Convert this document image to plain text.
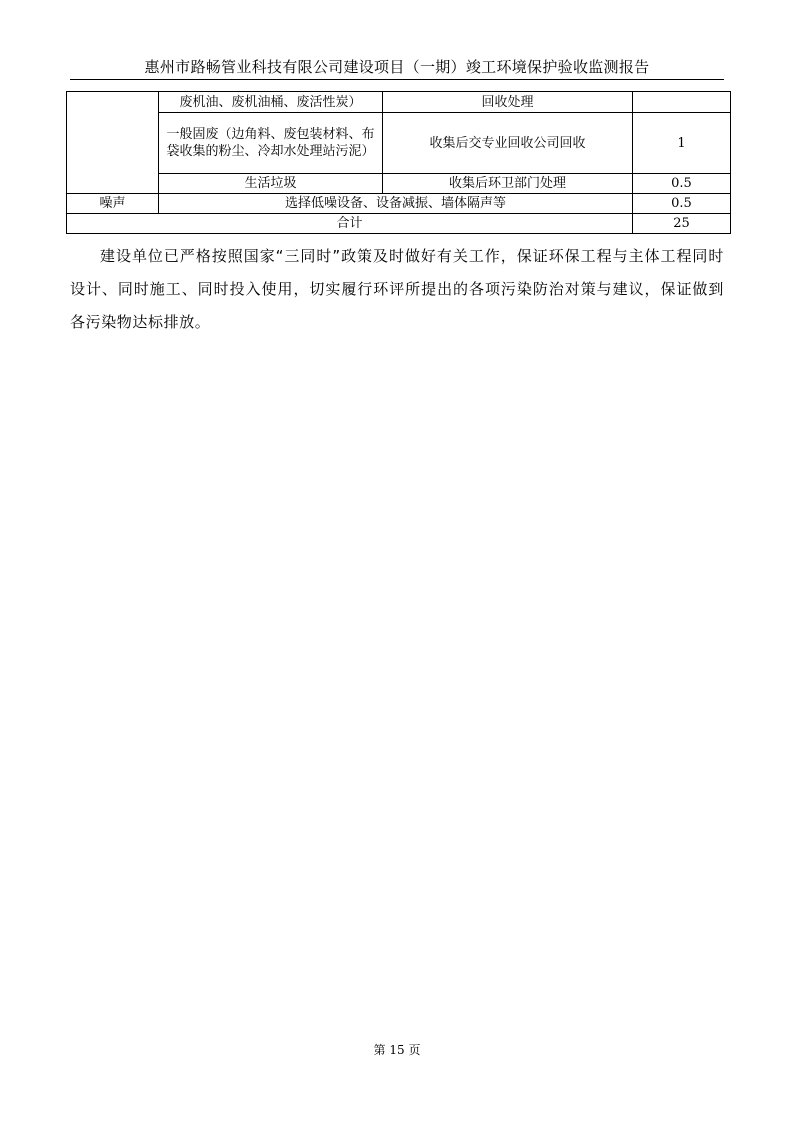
惠州市路畅管业科技有限公司建设项目（一期）竣工环境保护验收监测报告
	废机油、废机油桶、废活性炭）	回收处理	
	一般固废（边角料、废包装材料、布袋收集的粉尘、冷却水处理站污泥）	收集后交专业回收公司回收	1
	生活垃圾	收集后环卫部门处理	0.5
噪声	选择低噪设备、设备减振、墙体隔声等		0.5
合计			25

建设单位已严格按照国家“三同时”政策及时做好有关工作，保证环保工程与主体工程同时设计、同时施工、同时投入使用，切实履行环评所提出的各项污染防治对策与建议，保证做到各污染物达标排放。

第 15 页
